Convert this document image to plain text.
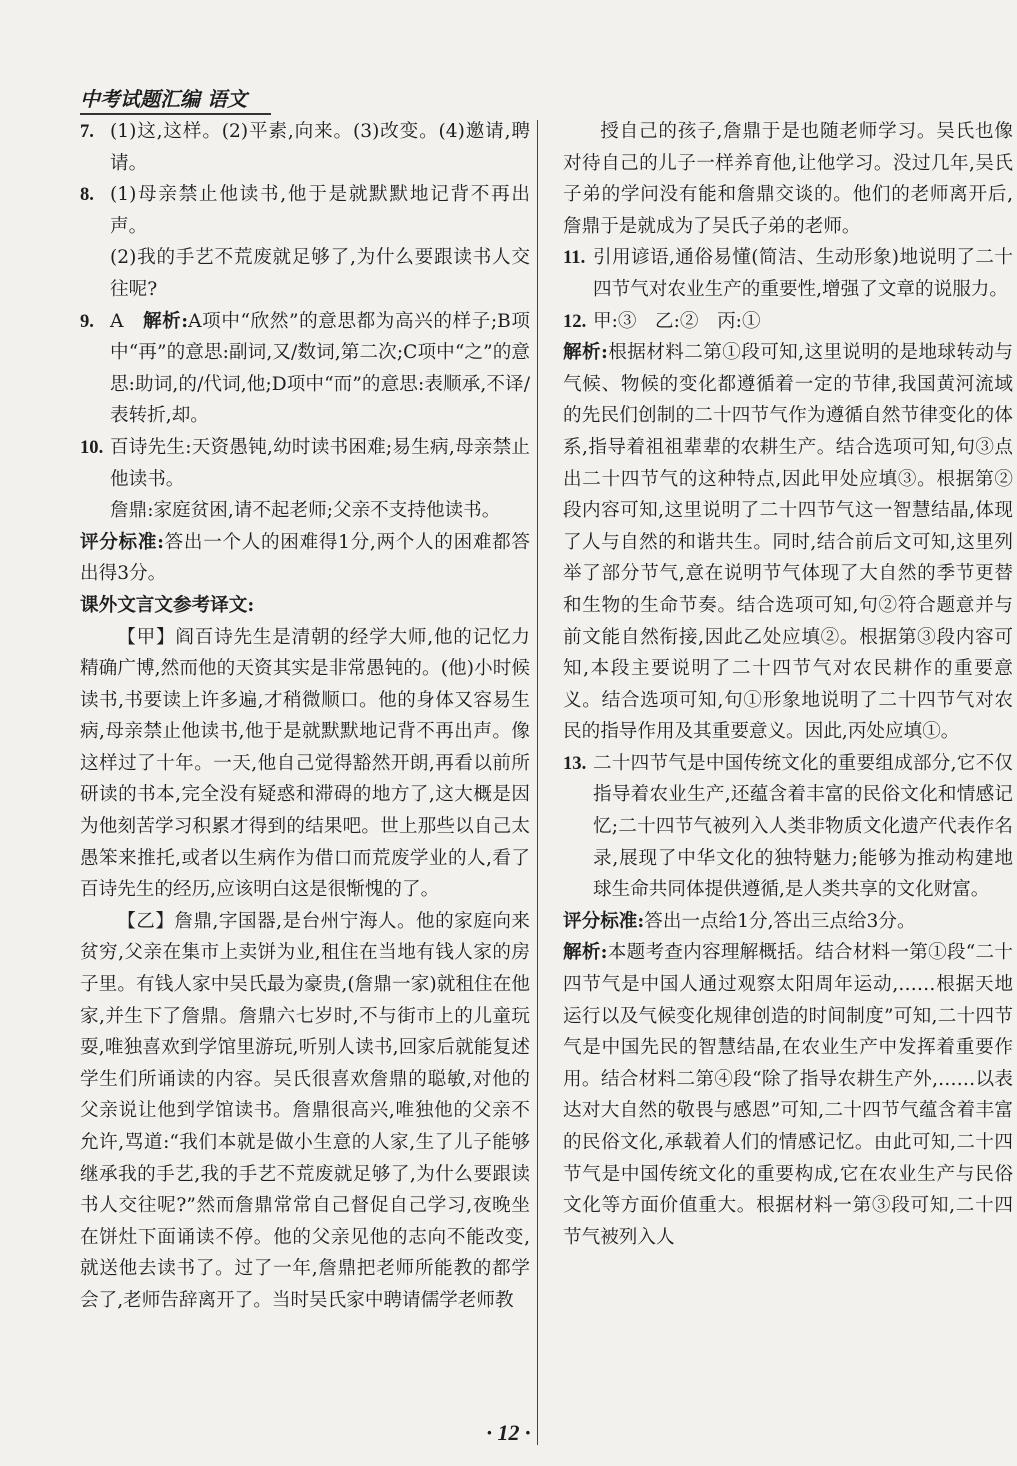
中考试题汇编 语文
7. (1)这,这样。(2)平素,向来。(3)改变。(4)邀请,聘请。

8. (1)母亲禁止他读书,他于是就默默地记背不再出声。

(2)我的手艺不荒废就足够了,为什么要跟读书人交往呢?

9. A 解析:A项中“欣然”的意思都为高兴的样子;B项中“再”的意思:副词,又/数词,第二次;C项中“之”的意思:助词,的/代词,他;D项中“而”的意思:表顺承,不译/表转折,却。

10. 百诗先生:天资愚钝,幼时读书困难;易生病,母亲禁止他读书。

詹鼎:家庭贫困,请不起老师;父亲不支持他读书。

评分标准:答出一个人的困难得1分,两个人的困难都答出得3分。

课外文言文参考译文:

【甲】阎百诗先生是清朝的经学大师,他的记忆力精确广博,然而他的天资其实是非常愚钝的。(他)小时候读书,书要读上许多遍,才稍微顺口。他的身体又容易生病,母亲禁止他读书,他于是就默默地记背不再出声。像这样过了十年。一天,他自己觉得豁然开朗,再看以前所研读的书本,完全没有疑惑和滞碍的地方了,这大概是因为他刻苦学习积累才得到的结果吧。世上那些以自己太愚笨来推托,或者以生病作为借口而荒废学业的人,看了百诗先生的经历,应该明白这是很惭愧的了。

【乙】詹鼎,字国器,是台州宁海人。他的家庭向来贫穷,父亲在集市上卖饼为业,租住在当地有钱人家的房子里。有钱人家中吴氏最为豪贵,(詹鼎一家)就租住在他家,并生下了詹鼎。詹鼎六七岁时,不与街市上的儿童玩耍,唯独喜欢到学馆里游玩,听别人读书,回家后就能复述学生们所诵读的内容。吴氏很喜欢詹鼎的聪敏,对他的父亲说让他到学馆读书。詹鼎很高兴,唯独他的父亲不允许,骂道:“我们本就是做小生意的人家,生了儿子能够继承我的手艺,我的手艺不荒废就足够了,为什么要跟读书人交往呢?”然而詹鼎常常自己督促自己学习,夜晚坐在饼灶下面诵读不停。他的父亲见他的志向不能改变,就送他去读书了。过了一年,詹鼎把老师所能教的都学会了,老师告辞离开了。当时吴氏家中聘请儒学老师教

授自己的孩子,詹鼎于是也随老师学习。吴氏也像对待自己的儿子一样养育他,让他学习。没过几年,吴氏子弟的学问没有能和詹鼎交谈的。他们的老师离开后,詹鼎于是就成为了吴氏子弟的老师。

11. 引用谚语,通俗易懂(简洁、生动形象)地说明了二十四节气对农业生产的重要性,增强了文章的说服力。

12. 甲:③　乙:②　丙:①

解析:根据材料二第①段可知,这里说明的是地球转动与气候、物候的变化都遵循着一定的节律,我国黄河流域的先民们创制的二十四节气作为遵循自然节律变化的体系,指导着祖祖辈辈的农耕生产。结合选项可知,句③点出二十四节气的这种特点,因此甲处应填③。根据第②段内容可知,这里说明了二十四节气这一智慧结晶,体现了人与自然的和谐共生。同时,结合前后文可知,这里列举了部分节气,意在说明节气体现了大自然的季节更替和生物的生命节奏。结合选项可知,句②符合题意并与前文能自然衔接,因此乙处应填②。根据第③段内容可知,本段主要说明了二十四节气对农民耕作的重要意义。结合选项可知,句①形象地说明了二十四节气对农民的指导作用及其重要意义。因此,丙处应填①。

13. 二十四节气是中国传统文化的重要组成部分,它不仅指导着农业生产,还蕴含着丰富的民俗文化和情感记忆;二十四节气被列入人类非物质文化遗产代表作名录,展现了中华文化的独特魅力;能够为推动构建地球生命共同体提供遵循,是人类共享的文化财富。

评分标准:答出一点给1分,答出三点给3分。

解析:本题考查内容理解概括。结合材料一第①段“二十四节气是中国人通过观察太阳周年运动,……根据天地运行以及气候变化规律创造的时间制度”可知,二十四节气是中国先民的智慧结晶,在农业生产中发挥着重要作用。结合材料二第④段“除了指导农耕生产外,……以表达对大自然的敬畏与感恩”可知,二十四节气蕴含着丰富的民俗文化,承载着人们的情感记忆。由此可知,二十四节气是中国传统文化的重要构成,它在农业生产与民俗文化等方面价值重大。根据材料一第③段可知,二十四节气被列入人

· 12 ·
